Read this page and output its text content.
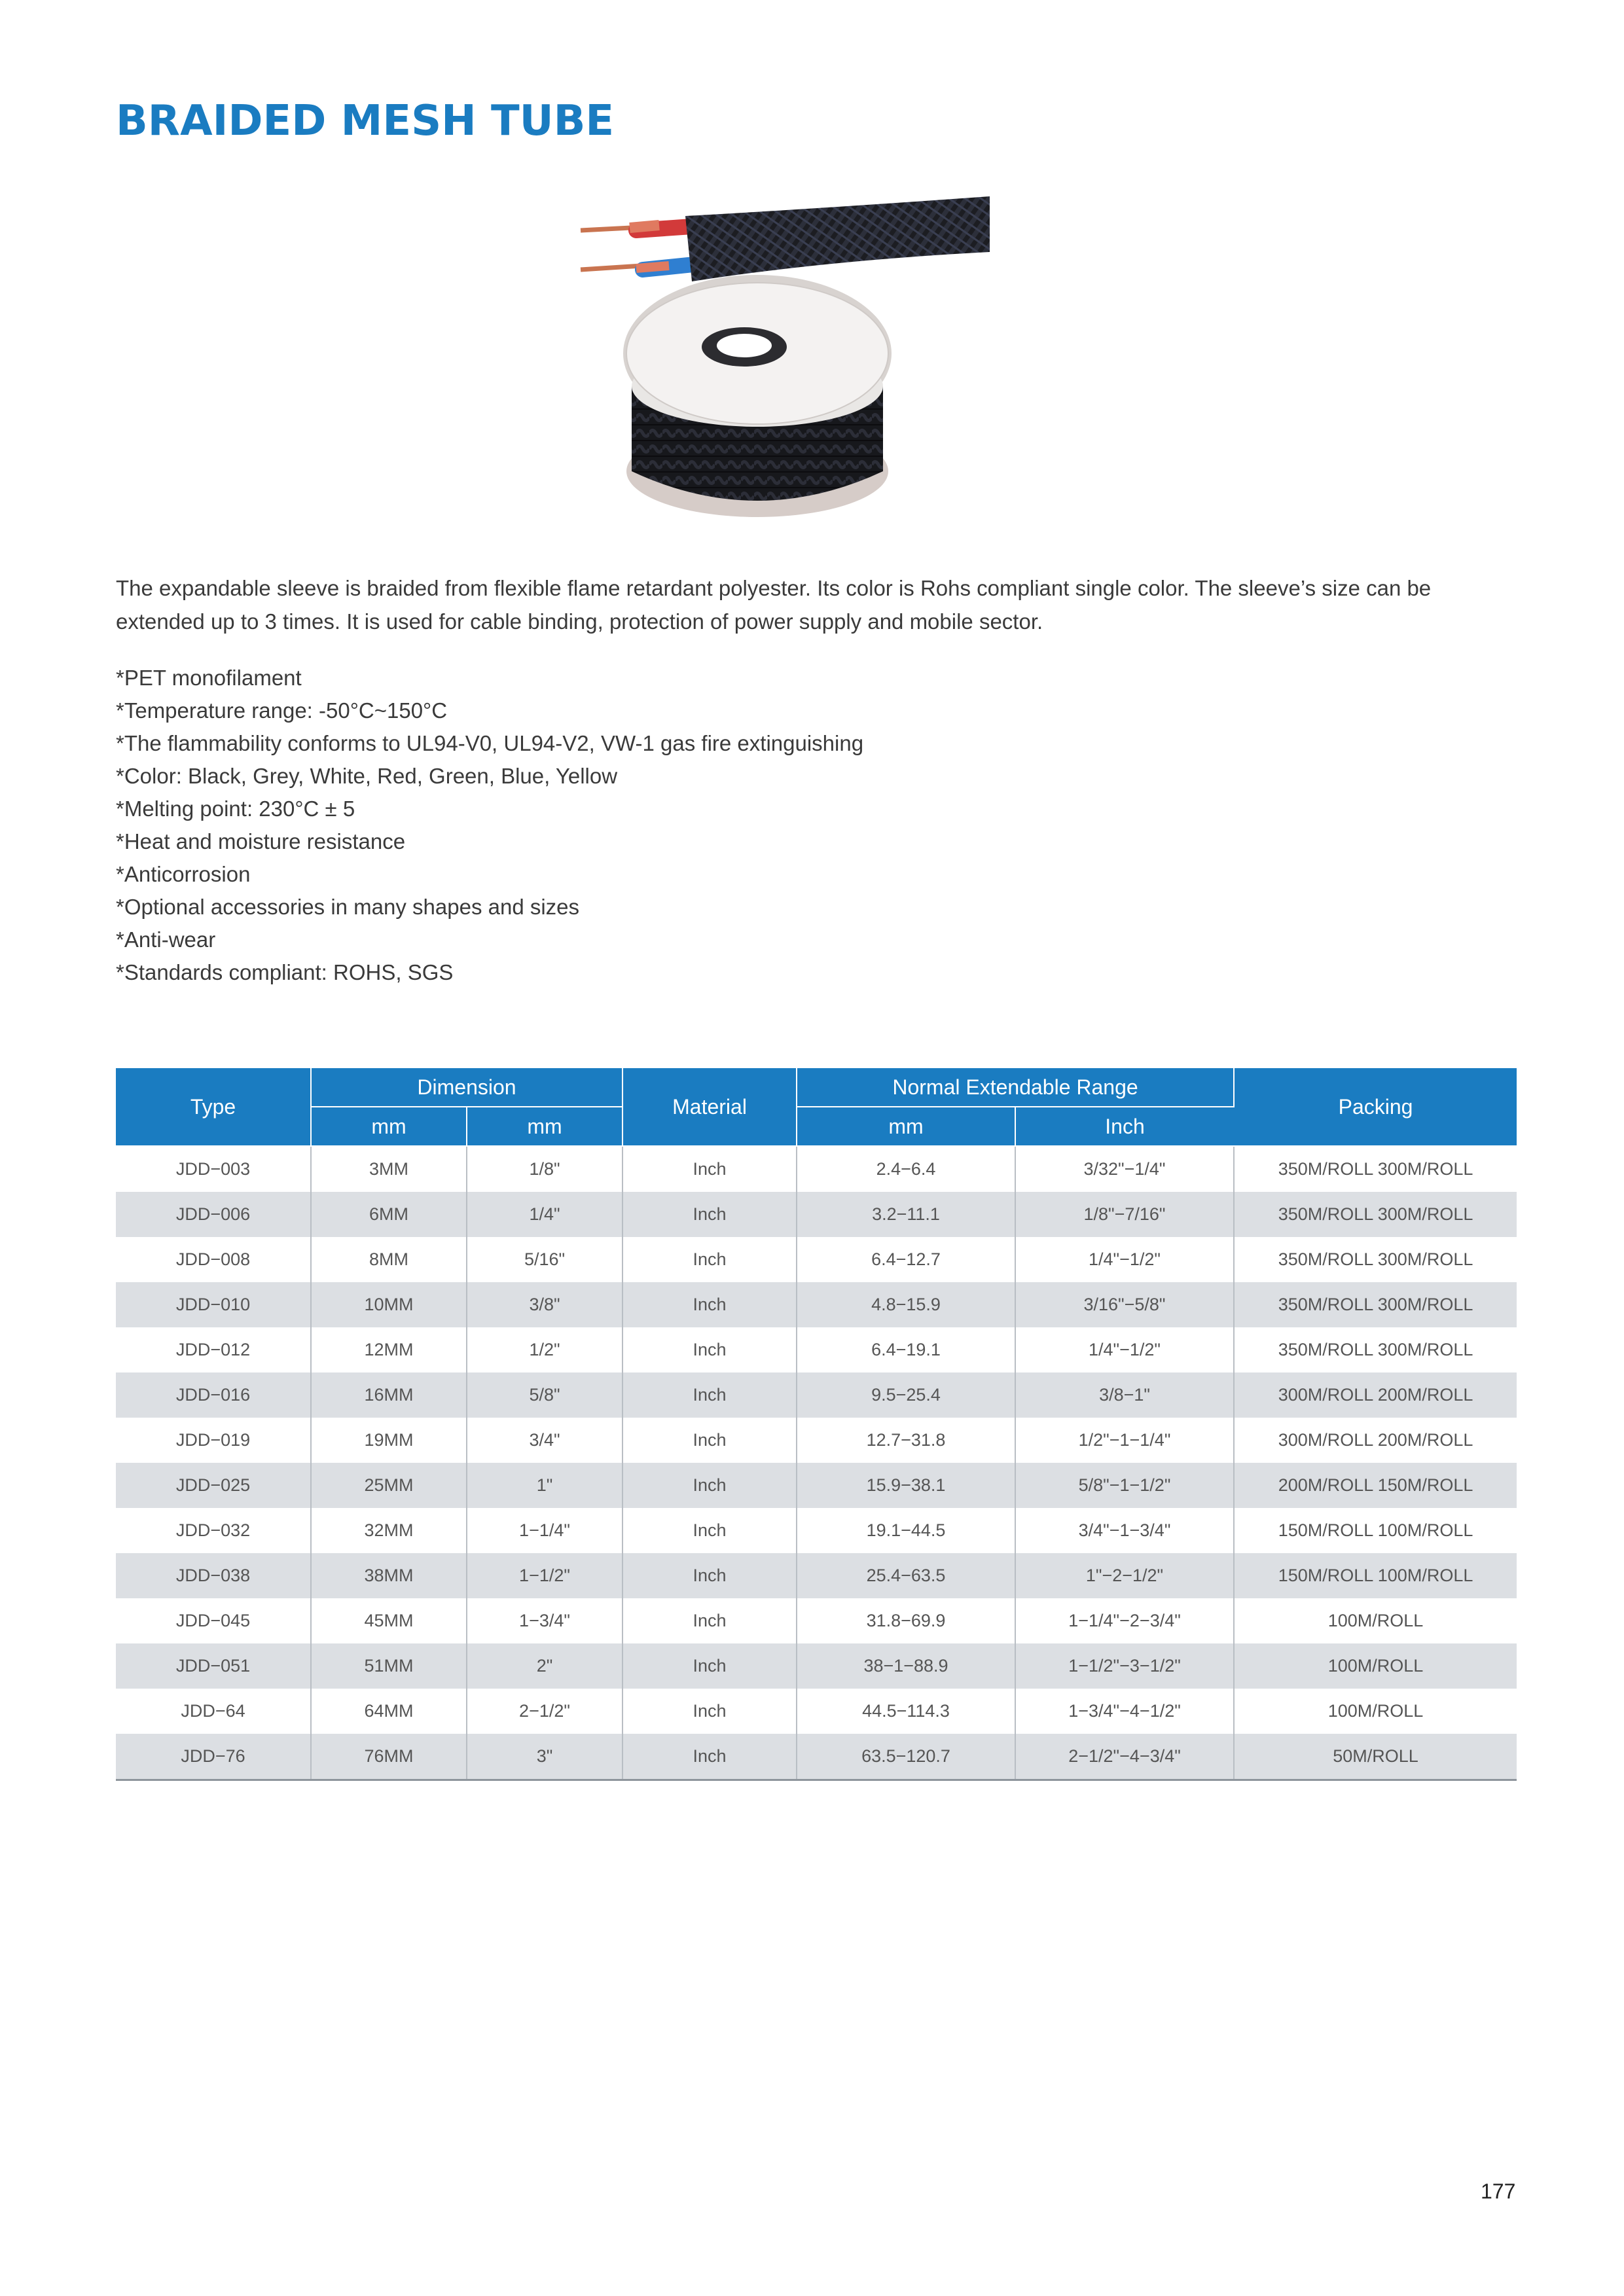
BRAIDED MESH TUBE

The expandable sleeve is braided from flexible flame retardant polyester. Its color is Rohs compliant single color. The sleeve’s size can be extended up to 3 times. It is used for cable binding, protection of power supply and mobile sector.

*PET monofilament
*Temperature range: -50°C~150°C
*The flammability conforms to UL94-V0, UL94-V2, VW-1 gas fire extinguishing
*Color: Black, Grey, White, Red, Green, Blue, Yellow
*Melting point: 230°C ± 5
*Heat and moisture resistance
*Anticorrosion
*Optional accessories in many shapes and sizes
*Anti-wear
*Standards compliant: ROHS, SGS
Type	Dimension		Material	Normal Extendable Range		Packing
	mm	mm		mm	Inch	
JDD−003	3MM	1/8"	Inch	2.4−6.4	3/32"−1/4"	350M/ROLL 300M/ROLL
JDD−006	6MM	1/4"	Inch	3.2−11.1	1/8"−7/16"	350M/ROLL 300M/ROLL
JDD−008	8MM	5/16"	Inch	6.4−12.7	1/4"−1/2"	350M/ROLL 300M/ROLL
JDD−010	10MM	3/8"	Inch	4.8−15.9	3/16"−5/8"	350M/ROLL 300M/ROLL
JDD−012	12MM	1/2"	Inch	6.4−19.1	1/4"−1/2"	350M/ROLL 300M/ROLL
JDD−016	16MM	5/8"	Inch	9.5−25.4	3/8−1"	300M/ROLL 200M/ROLL
JDD−019	19MM	3/4"	Inch	12.7−31.8	1/2"−1−1/4"	300M/ROLL 200M/ROLL
JDD−025	25MM	1"	Inch	15.9−38.1	5/8"−1−1/2"	200M/ROLL 150M/ROLL
JDD−032	32MM	1−1/4"	Inch	19.1−44.5	3/4"−1−3/4"	150M/ROLL 100M/ROLL
JDD−038	38MM	1−1/2"	Inch	25.4−63.5	1"−2−1/2"	150M/ROLL 100M/ROLL
JDD−045	45MM	1−3/4"	Inch	31.8−69.9	1−1/4"−2−3/4"	100M/ROLL
JDD−051	51MM	2"	Inch	38−1−88.9	1−1/2"−3−1/2"	100M/ROLL
JDD−64	64MM	2−1/2"	Inch	44.5−114.3	1−3/4"−4−1/2"	100M/ROLL
JDD−76	76MM	3"	Inch	63.5−120.7	2−1/2"−4−3/4"	50M/ROLL
177
